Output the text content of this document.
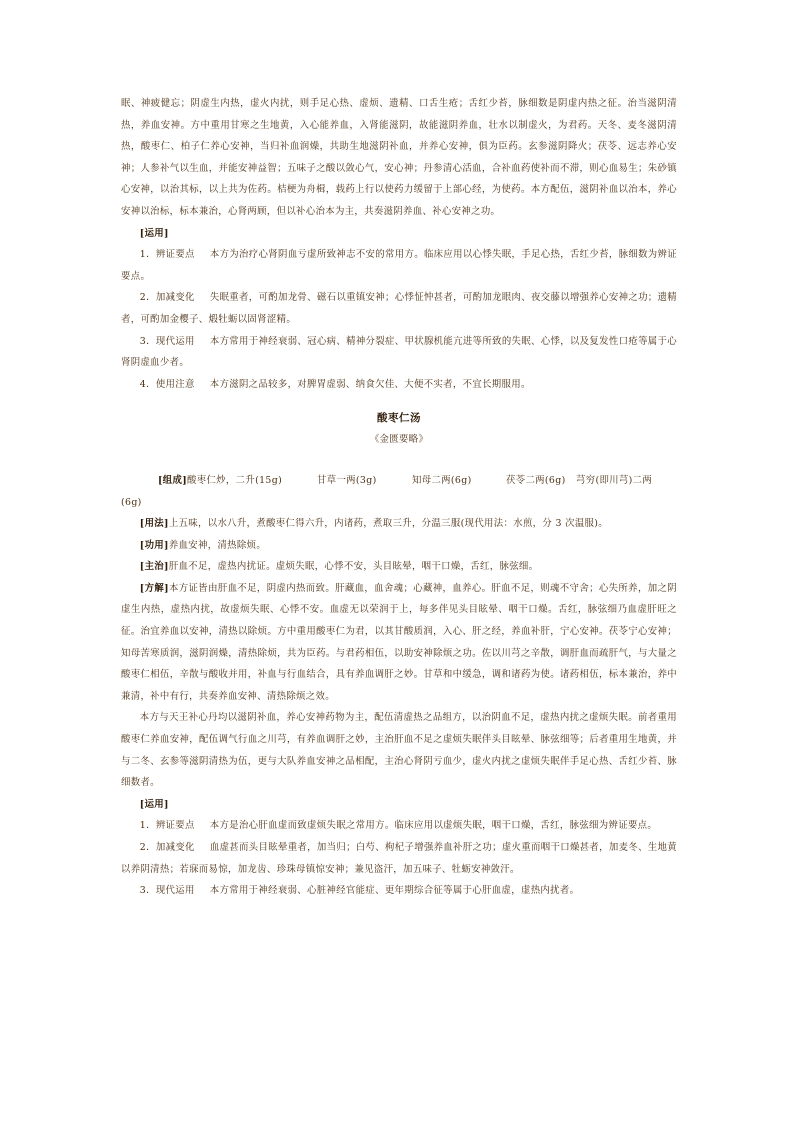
眠、神疲健忘；阴虚生内热，虚火内扰，则手足心热、虚烦、遗精、口舌生疮；舌红少苔，脉细数是阴虚内热之征。治当滋阴清热，养血安神。方中重用甘寒之生地黄，入心能养血，入肾能滋阴，故能滋阴养血，壮水以制虚火，为君药。天冬、麦冬滋阴清热，酸枣仁、柏子仁养心安神，当归补血润燥，共助生地滋阴补血，并养心安神，俱为臣药。玄参滋阴降火；茯苓、远志养心安神；人参补气以生血，并能安神益智；五味子之酸以敛心气，安心神；丹参清心活血，合补血药使补而不滞，则心血易生；朱砂镇心安神，以治其标，以上共为佐药。桔梗为舟楫，载药上行以使药力缓留于上部心经，为使药。本方配伍，滋阴补血以治本，养心安神以治标，标本兼治，心肾两顾，但以补心治本为主，共奏滋阴养血、补心安神之功。
[运用]
1．辨证要点 本方为治疗心肾阴血亏虚所致神志不安的常用方。临床应用以心悸失眠，手足心热，舌红少苔，脉细数为辨证要点。
2．加减变化 失眠重者，可酌加龙骨、磁石以重镇安神；心悸怔忡甚者，可酌加龙眼肉、夜交藤以增强养心安神之功；遗精者，可酌加金樱子、煅牡蛎以固肾涩精。
3．现代运用 本方常用于神经衰弱、冠心病、精神分裂症、甲状腺机能亢进等所致的失眠、心悸，以及复发性口疮等属于心肾阴虚血少者。
4．使用注意 本方滋阴之品较多，对脾胃虚弱、纳食欠佳、大便不实者，不宜长期服用。
酸枣仁汤
《金匮要略》
[组成] 酸枣仁炒，二升(15g)	甘草一两(3g)	知母二两(6g)	茯苓二两(6g) 芎穷(即川芎)二两
(6g)
[用法]上五味，以水八升，煮酸枣仁得六升，内诸药，煮取三升，分温三服(现代用法：水煎，分 3 次温服)。
[功用]养血安神，清热除烦。
[主治]肝血不足，虚热内扰证。虚烦失眠，心悸不安，头目眩晕，咽干口燥，舌红，脉弦细。
[方解]本方证皆由肝血不足，阴虚内热而致。肝藏血，血舍魂；心藏神，血养心。肝血不足，则魂不守舍；心失所养，加之阴虚生内热，虚热内扰，故虚烦失眠、心悸不安。血虚无以荣润于上，每多伴见头目眩晕、咽干口燥。舌红，脉弦细乃血虚肝旺之征。治宜养血以安神，清热以除烦。方中重用酸枣仁为君，以其甘酸质润，入心、肝之经，养血补肝，宁心安神。茯苓宁心安神；知母苦寒质润，滋阴润燥，清热除烦，共为臣药。与君药相伍，以助安神除烦之功。佐以川芎之辛散，调肝血而疏肝气，与大量之酸枣仁相伍，辛散与酸收并用，补血与行血结合，具有养血调肝之妙。甘草和中缓急，调和诸药为使。诸药相伍，标本兼治，养中兼清，补中有行，共奏养血安神、清热除烦之效。
本方与天王补心丹均以滋阴补血，养心安神药物为主，配伍清虚热之品组方，以治阴血不足，虚热内扰之虚烦失眠。前者重用酸枣仁养血安神，配伍调气行血之川芎，有养血调肝之妙，主治肝血不足之虚烦失眠伴头目眩晕、脉弦细等；后者重用生地黄，并与二冬、玄参等滋阴清热为伍，更与大队养血安神之品相配，主治心肾阴亏血少，虚火内扰之虚烦失眠伴手足心热、舌红少苔、脉细数者。
[运用]
1．辨证要点 本方是治心肝血虚而致虚烦失眠之常用方。临床应用以虚烦失眠，咽干口燥，舌红，脉弦细为辨证要点。
2．加减变化 血虚甚而头目眩晕重者，加当归；白芍、枸杞子增强养血补肝之功；虚火重而咽干口燥甚者，加麦冬、生地黄以养阴清热；若寐而易惊，加龙齿、珍珠母镇惊安神；兼见盗汗，加五味子、牡蛎安神敛汗。
3．现代运用 本方常用于神经衰弱、心脏神经官能症、更年期综合征等属于心肝血虚，虚热内扰者。
